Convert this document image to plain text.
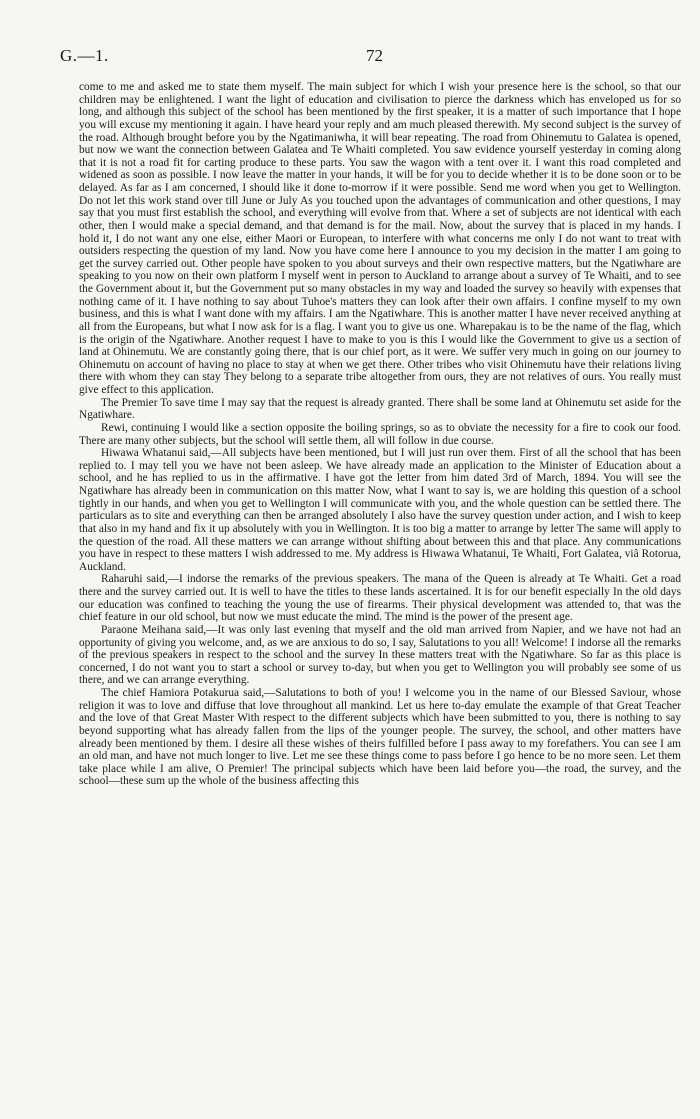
G.—1.	72

come to me and asked me to state them myself. The main subject for which I wish your presence here is the school, so that our children may be enlightened. I want the light of education and civilisation to pierce the darkness which has enveloped us for so long, and although this subject of the school has been mentioned by the first speaker, it is a matter of such importance that I hope you will excuse my mentioning it again. I have heard your reply and am much pleased therewith. My second subject is the survey of the road. Although brought before you by the Ngatimaniwha, it will bear repeating. The road from Ohinemutu to Galatea is opened, but now we want the connection between Galatea and Te Whaiti completed. You saw evidence yourself yesterday in coming along that it is not a road fit for carting produce to these parts. You saw the wagon with a tent over it. I want this road completed and widened as soon as possible. I now leave the matter in your hands, it will be for you to decide whether it is to be done soon or to be delayed. As far as I am concerned, I should like it done to-morrow if it were possible. Send me word when you get to Wellington. Do not let this work stand over till June or July As you touched upon the advantages of communication and other questions, I may say that you must first establish the school, and everything will evolve from that. Where a set of subjects are not identical with each other, then I would make a special demand, and that demand is for the mail. Now, about the survey that is placed in my hands. I hold it, I do not want any one else, either Maori or European, to interfere with what concerns me only I do not want to treat with outsiders respecting the question of my land. Now you have come here I announce to you my decision in the matter I am going to get the survey carried out. Other people have spoken to you about surveys and their own respective matters, but the Ngatiwhare are speaking to you now on their own platform I myself went in person to Auckland to arrange about a survey of Te Whaiti, and to see the Government about it, but the Government put so many obstacles in my way and loaded the survey so heavily with expenses that nothing came of it. I have nothing to say about Tuhoe's matters they can look after their own affairs. I confine myself to my own business, and this is what I want done with my affairs. I am the Ngatiwhare. This is another matter I have never received anything at all from the Europeans, but what I now ask for is a flag. I want you to give us one. Wharepakau is to be the name of the flag, which is the origin of the Ngatiwhare. Another request I have to make to you is this I would like the Government to give us a section of land at Ohinemutu. We are constantly going there, that is our chief port, as it were. We suffer very much in going on our journey to Ohinemutu on account of having no place to stay at when we get there. Other tribes who visit Ohinemutu have their relations living there with whom they can stay They belong to a separate tribe altogether from ours, they are not relatives of ours. You really must give effect to this application.

The Premier To save time I may say that the request is already granted. There shall be some land at Ohinemutu set aside for the Ngatiwhare.

Rewi, continuing I would like a section opposite the boiling springs, so as to obviate the necessity for a fire to cook our food. There are many other subjects, but the school will settle them, all will follow in due course.

Hiwawa Whatanui said,—All subjects have been mentioned, but I will just run over them. First of all the school that has been replied to. I may tell you we have not been asleep. We have already made an application to the Minister of Education about a school, and he has replied to us in the affirmative. I have got the letter from him dated 3rd of March, 1894. You will see the Ngatiwhare has already been in communication on this matter Now, what I want to say is, we are holding this question of a school tightly in our hands, and when you get to Wellington I will communicate with you, and the whole question can be settled there. The particulars as to site and everything can then be arranged absolutely I also have the survey question under action, and I wish to keep that also in my hand and fix it up absolutely with you in Wellington. It is too big a matter to arrange by letter The same will apply to the question of the road. All these matters we can arrange without shifting about between this and that place. Any communications you have in respect to these matters I wish addressed to me. My address is Hiwawa Whatanui, Te Whaiti, Fort Galatea, viâ Rotorua, Auckland.

Raharuhi said,—I indorse the remarks of the previous speakers. The mana of the Queen is already at Te Whaiti. Get a road there and the survey carried out. It is well to have the titles to these lands ascertained. It is for our benefit especially In the old days our education was confined to teaching the young the use of firearms. Their physical development was attended to, that was the chief feature in our old school, but now we must educate the mind. The mind is the power of the present age.

Paraone Meihana said,—It was only last evening that myself and the old man arrived from Napier, and we have not had an opportunity of giving you welcome, and, as we are anxious to do so, I say, Salutations to you all! Welcome! I indorse all the remarks of the previous speakers in respect to the school and the survey In these matters treat with the Ngatiwhare. So far as this place is concerned, I do not want you to start a school or survey to-day, but when you get to Wellington you will probably see some of us there, and we can arrange everything.

The chief Hamiora Potakurua said,—Salutations to both of you! I welcome you in the name of our Blessed Saviour, whose religion it was to love and diffuse that love throughout all mankind. Let us here to-day emulate the example of that Great Teacher and the love of that Great Master With respect to the different subjects which have been submitted to you, there is nothing to say beyond supporting what has already fallen from the lips of the younger people. The survey, the school, and other matters have already been mentioned by them. I desire all these wishes of theirs fulfilled before I pass away to my forefathers. You can see I am an old man, and have not much longer to live. Let me see these things come to pass before I go hence to be no more seen. Let them take place while I am alive, O Premier! The principal subjects which have been laid before you—the road, the survey, and the school—these sum up the whole of the business affecting this
